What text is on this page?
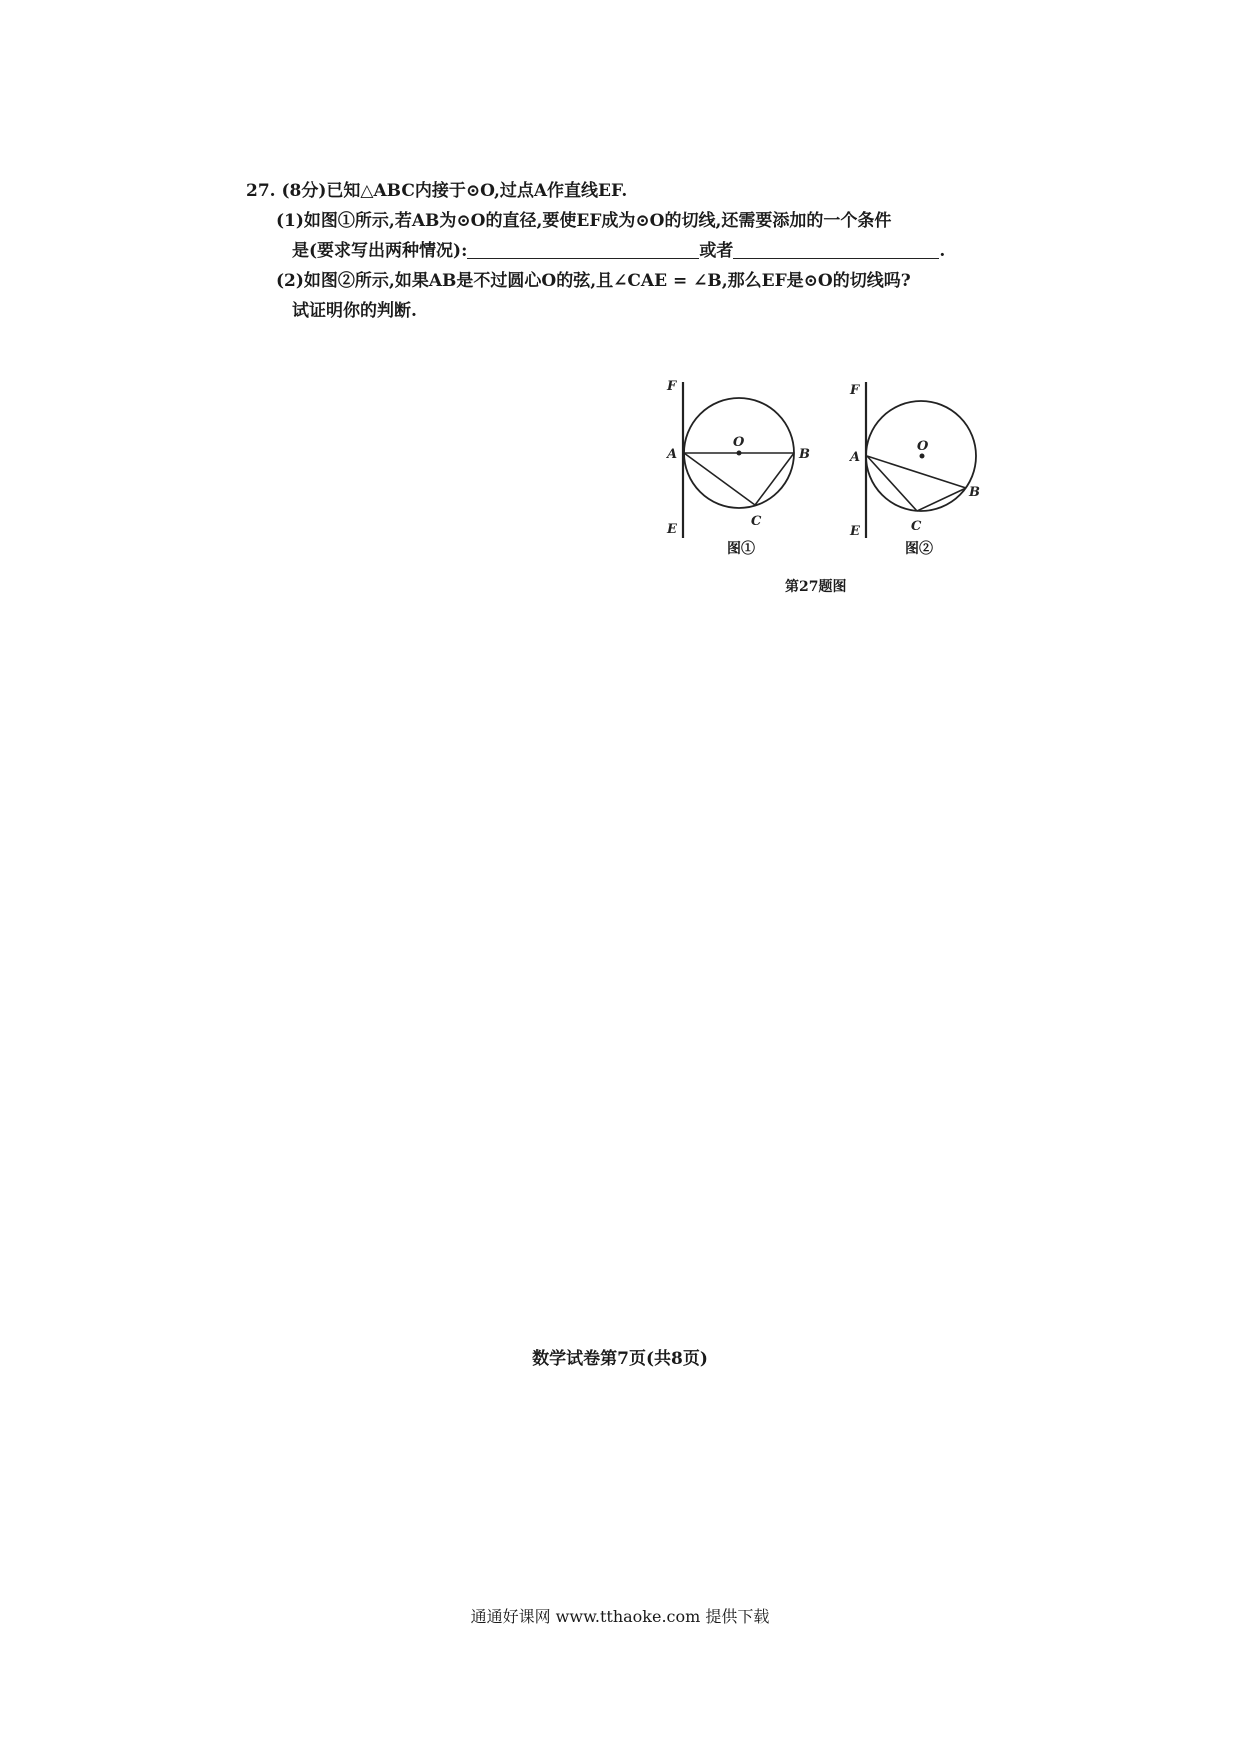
27. (8分)已知△ABC内接于⊙O,过点A作直线EF.
(1)如图①所示,若AB为⊙O的直径,要使EF成为⊙O的切线,还需要添加的一个条件
是(要求写出两种情况):	或者	.
(2)如图②所示,如果AB是不过圆心O的弦,且∠CAE = ∠B,那么EF是⊙O的切线吗?
试证明你的判断.
F
A
E
O
B
C
F
A
E
O
B
C
图①	图②
第27题图
数学试卷第7页(共8页)
通通好课网 www.tthaoke.com 提供下载
